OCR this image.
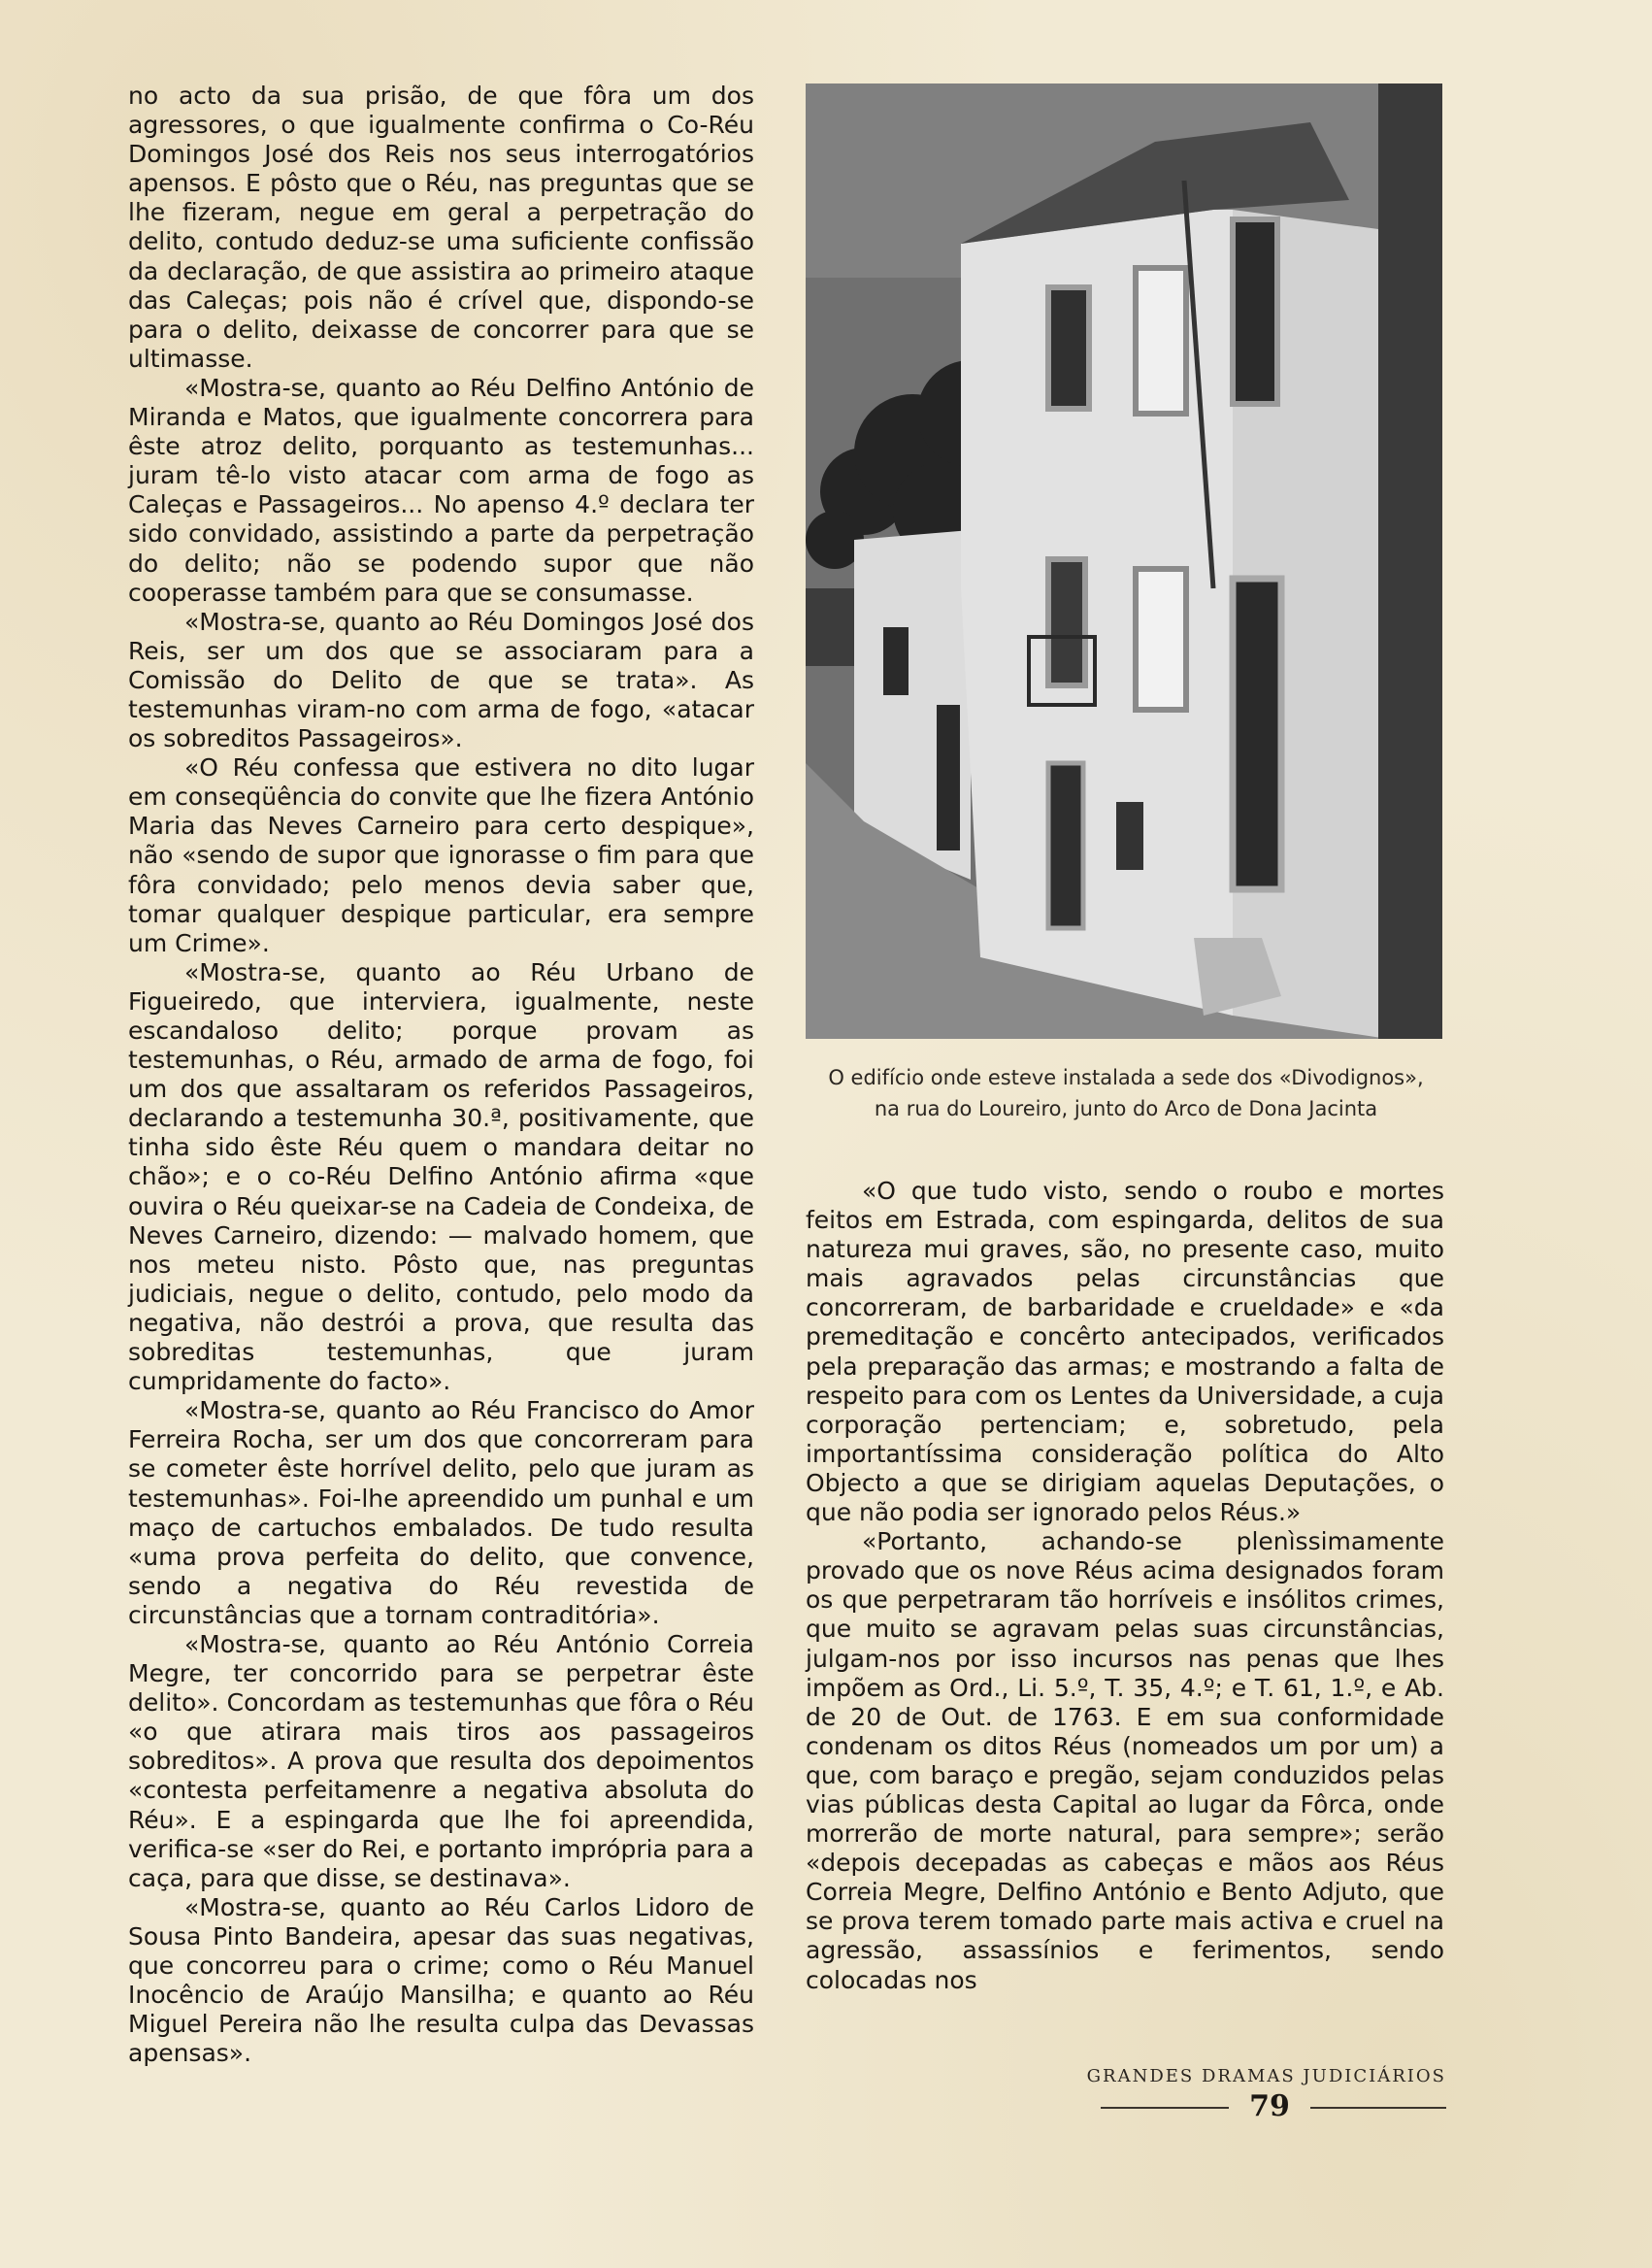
no acto da sua prisão, de que fôra um dos agressores, o que igualmente confirma o Co-Réu Domingos José dos Reis nos seus interrogatórios apensos. E pôsto que o Réu, nas preguntas que se lhe fizeram, negue em geral a perpetração do delito, contudo deduz-se uma suficiente confissão da declaração, de que assistira ao primeiro ataque das Caleças; pois não é crível que, dispondo-se para o delito, deixasse de concorrer para que se ultimasse.

«Mostra-se, quanto ao Réu Delfino António de Miranda e Matos, que igualmente concorrera para êste atroz delito, porquanto as testemunhas... juram tê-lo visto atacar com arma de fogo as Caleças e Passageiros... No apenso 4.º declara ter sido convidado, assistindo a parte da perpetração do delito; não se podendo supor que não cooperasse também para que se consumasse.

«Mostra-se, quanto ao Réu Domingos José dos Reis, ser um dos que se associaram para a Comissão do Delito de que se trata». As testemunhas viram-no com arma de fogo, «atacar os sobreditos Passageiros».

«O Réu confessa que estivera no dito lugar em conseqüência do convite que lhe fizera António Maria das Neves Carneiro para certo despique», não «sendo de supor que ignorasse o fim para que fôra convidado; pelo menos devia saber que, tomar qualquer despique particular, era sempre um Crime».

«Mostra-se, quanto ao Réu Urbano de Figueiredo, que interviera, igualmente, neste escandaloso delito; porque provam as testemunhas, o Réu, armado de arma de fogo, foi um dos que assaltaram os referidos Passageiros, declarando a testemunha 30.ª, positivamente, que tinha sido êste Réu quem o mandara deitar no chão»; e o co-Réu Delfino António afirma «que ouvira o Réu queixar-se na Cadeia de Condeixa, de Neves Carneiro, dizendo: — malvado homem, que nos meteu nisto. Pôsto que, nas preguntas judiciais, negue o delito, contudo, pelo modo da negativa, não destrói a prova, que resulta das sobreditas testemunhas, que juram cumpridamente do facto».

«Mostra-se, quanto ao Réu Francisco do Amor Ferreira Rocha, ser um dos que concorreram para se cometer êste horrível delito, pelo que juram as testemunhas». Foi-lhe apreendido um punhal e um maço de cartuchos embalados. De tudo resulta «uma prova perfeita do delito, que convence, sendo a negativa do Réu revestida de circunstâncias que a tornam contraditória».

«Mostra-se, quanto ao Réu António Correia Megre, ter concorrido para se perpetrar êste delito». Concordam as testemunhas que fôra o Réu «o que atirara mais tiros aos passageiros sobreditos». A prova que resulta dos depoimentos «contesta perfeitamenre a negativa absoluta do Réu». E a espingarda que lhe foi apreendida, verifica-se «ser do Rei, e portanto imprópria para a caça, para que disse, se destinava».

«Mostra-se, quanto ao Réu Carlos Lidoro de Sousa Pinto Bandeira, apesar das suas negativas, que concorreu para o crime; como o Réu Manuel Inocêncio de Araújo Mansilha; e quanto ao Réu Miguel Pereira não lhe resulta culpa das Devassas apensas».

O edifício onde esteve instalada a sede dos «Divodignos»,
na rua do Loureiro, junto do Arco de Dona Jacinta

«O que tudo visto, sendo o roubo e mortes feitos em Estrada, com espingarda, delitos de sua natureza mui graves, são, no presente caso, muito mais agravados pelas circunstâncias que concorreram, de barbaridade e crueldade» e «da premeditação e concêrto antecipados, verificados pela preparação das armas; e mostrando a falta de respeito para com os Lentes da Universidade, a cuja corporação pertenciam; e, sobretudo, pela importantíssima consideração política do Alto Objecto a que se dirigiam aquelas Deputações, o que não podia ser ignorado pelos Réus.»

«Portanto, achando-se plenìssimamente provado que os nove Réus acima designados foram os que perpetraram tão horríveis e insólitos crimes, que muito se agravam pelas suas circunstâncias, julgam-nos por isso incursos nas penas que lhes impõem as Ord., Li. 5.º, T. 35, 4.º; e T. 61, 1.º, e Ab. de 20 de Out. de 1763. E em sua conformidade condenam os ditos Réus (nomeados um por um) a que, com baraço e pregão, sejam conduzidos pelas vias públicas desta Capital ao lugar da Fôrca, onde morrerão de morte natural, para sempre»; serão «depois decepadas as cabeças e mãos aos Réus Correia Megre, Delfino António e Bento Adjuto, que se prova terem tomado parte mais activa e cruel na agressão, assassínios e ferimentos, sendo colocadas nos

GRANDES DRAMAS JUDICIÁRIOS
79
